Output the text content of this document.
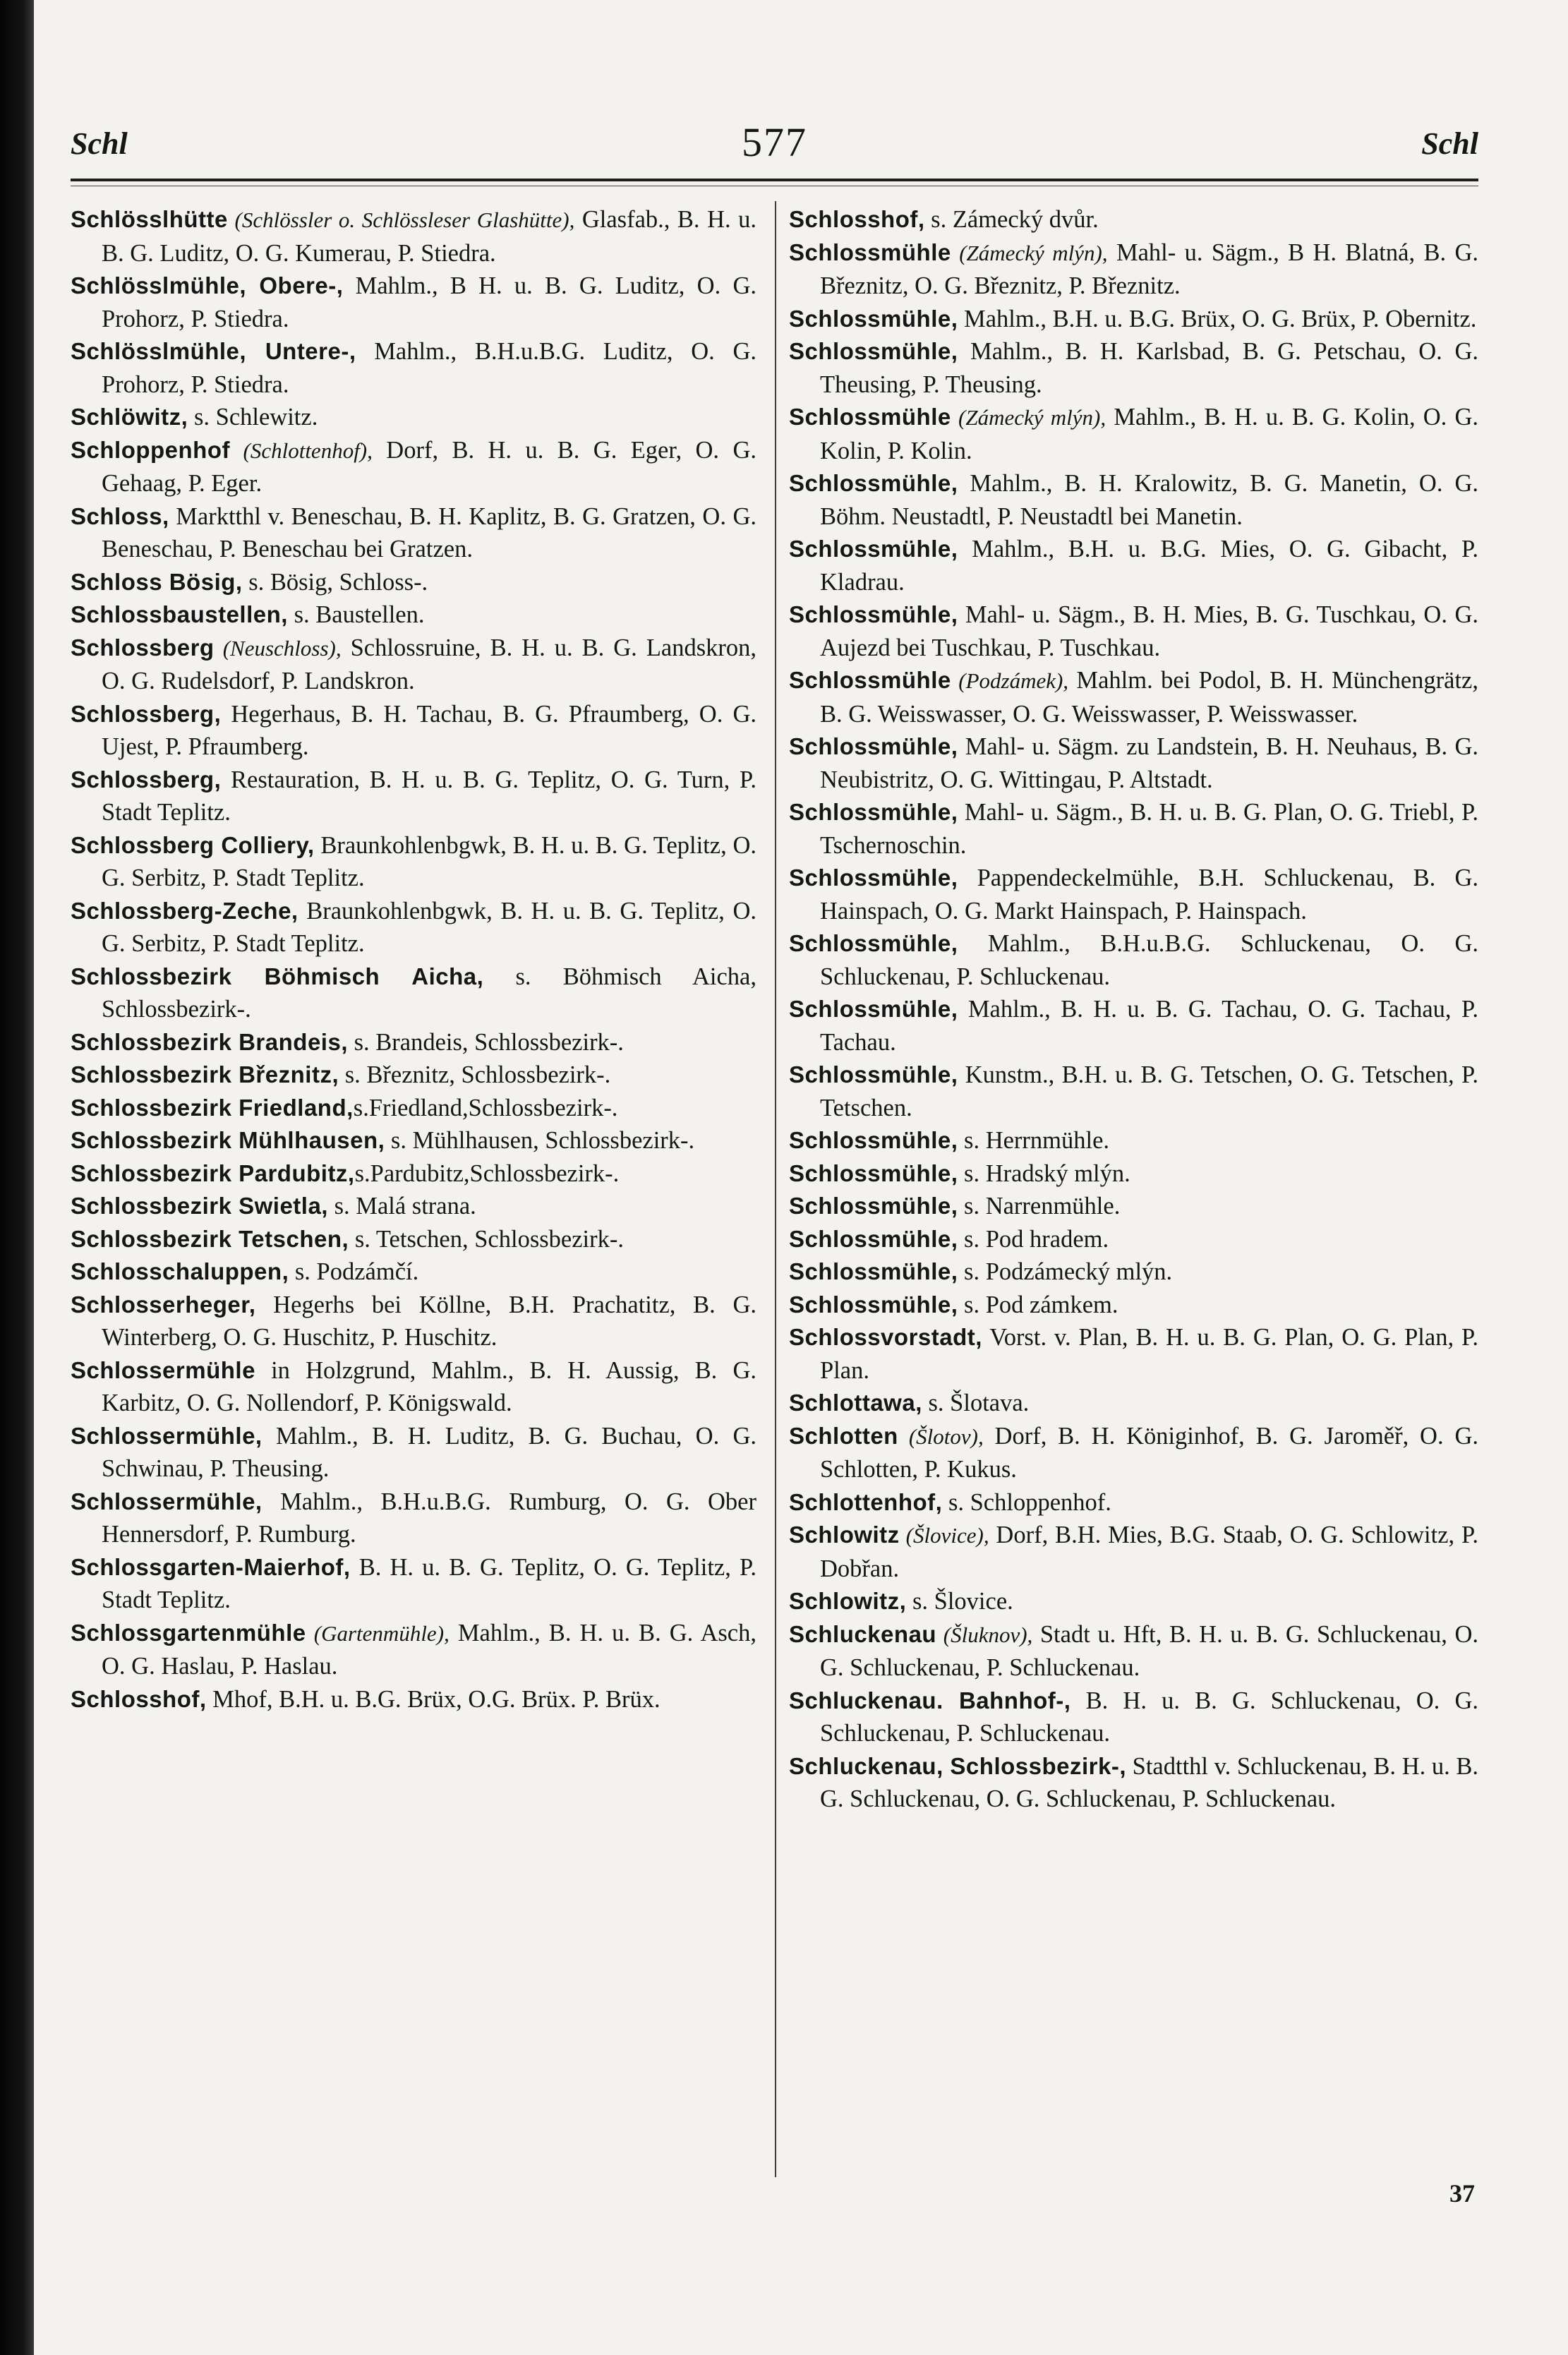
Schl	577	Schl
Schlösslhütte (Schlössler o. Schlössleser Glashütte), Glasfab., B. H. u. B. G. Luditz, O. G. Kumerau, P. Stiedra.
Schlösslmühle, Obere-, Mahlm., B H. u. B. G. Luditz, O. G. Prohorz, P. Stiedra.
Schlösslmühle, Untere-, Mahlm., B.H.u.B.G. Luditz, O. G. Prohorz, P. Stiedra.
Schlöwitz, s. Schlewitz.
Schloppenhof (Schlottenhof), Dorf, B. H. u. B. G. Eger, O. G. Gehaag, P. Eger.
Schloss, Marktthl v. Beneschau, B. H. Kaplitz, B. G. Gratzen, O. G. Beneschau, P. Beneschau bei Gratzen.
Schloss Bösig, s. Bösig, Schloss-.
Schlossbaustellen, s. Baustellen.
Schlossberg (Neuschloss), Schlossruine, B. H. u. B. G. Landskron, O. G. Rudelsdorf, P. Landskron.
Schlossberg, Hegerhaus, B. H. Tachau, B. G. Pfraumberg, O. G. Ujest, P. Pfraumberg.
Schlossberg, Restauration, B. H. u. B. G. Teplitz, O. G. Turn, P. Stadt Teplitz.
Schlossberg Colliery, Braunkohlenbgwk, B. H. u. B. G. Teplitz, O. G. Serbitz, P. Stadt Teplitz.
Schlossberg-Zeche, Braunkohlenbgwk, B. H. u. B. G. Teplitz, O. G. Serbitz, P. Stadt Teplitz.
Schlossbezirk Böhmisch Aicha, s. Böhmisch Aicha, Schlossbezirk-.
Schlossbezirk Brandeis, s. Brandeis, Schlossbezirk-.
Schlossbezirk Březnitz, s. Březnitz, Schlossbezirk-.
Schlossbezirk Friedland,s.Friedland,Schlossbezirk-.
Schlossbezirk Mühlhausen, s. Mühlhausen, Schlossbezirk-.
Schlossbezirk Pardubitz,s.Pardubitz,Schlossbezirk-.
Schlossbezirk Swietla, s. Malá strana.
Schlossbezirk Tetschen, s. Tetschen, Schlossbezirk-.
Schlosschaluppen, s. Podzámčí.
Schlosserheger, Hegerhs bei Köllne, B.H. Prachatitz, B. G. Winterberg, O. G. Huschitz, P. Huschitz.
Schlossermühle in Holzgrund, Mahlm., B. H. Aussig, B. G. Karbitz, O. G. Nollendorf, P. Königswald.
Schlossermühle, Mahlm., B. H. Luditz, B. G. Buchau, O. G. Schwinau, P. Theusing.
Schlossermühle, Mahlm., B.H.u.B.G. Rumburg, O. G. Ober Hennersdorf, P. Rumburg.
Schlossgarten-Maierhof, B. H. u. B. G. Teplitz, O. G. Teplitz, P. Stadt Teplitz.
Schlossgartenmühle (Gartenmühle), Mahlm., B. H. u. B. G. Asch, O. G. Haslau, P. Haslau.
Schlosshof, Mhof, B.H. u. B.G. Brüx, O.G. Brüx. P. Brüx.
Schlosshof, s. Zámecký dvůr.
Schlossmühle (Zámecký mlýn), Mahl- u. Sägm., B H. Blatná, B. G. Březnitz, O. G. Březnitz, P. Březnitz.
Schlossmühle, Mahlm., B.H. u. B.G. Brüx, O. G. Brüx, P. Obernitz.
Schlossmühle, Mahlm., B. H. Karlsbad, B. G. Petschau, O. G. Theusing, P. Theusing.
Schlossmühle (Zámecký mlýn), Mahlm., B. H. u. B. G. Kolin, O. G. Kolin, P. Kolin.
Schlossmühle, Mahlm., B. H. Kralowitz, B. G. Manetin, O. G. Böhm. Neustadtl, P. Neustadtl bei Manetin.
Schlossmühle, Mahlm., B.H. u. B.G. Mies, O. G. Gibacht, P. Kladrau.
Schlossmühle, Mahl- u. Sägm., B. H. Mies, B. G. Tuschkau, O. G. Aujezd bei Tuschkau, P. Tuschkau.
Schlossmühle (Podzámek), Mahlm. bei Podol, B. H. Münchengrätz, B. G. Weisswasser, O. G. Weisswasser, P. Weisswasser.
Schlossmühle, Mahl- u. Sägm. zu Landstein, B. H. Neuhaus, B. G. Neubistritz, O. G. Wittingau, P. Altstadt.
Schlossmühle, Mahl- u. Sägm., B. H. u. B. G. Plan, O. G. Triebl, P. Tschernoschin.
Schlossmühle, Pappendeckelmühle, B.H. Schluckenau, B. G. Hainspach, O. G. Markt Hainspach, P. Hainspach.
Schlossmühle, Mahlm., B.H.u.B.G. Schluckenau, O. G. Schluckenau, P. Schluckenau.
Schlossmühle, Mahlm., B. H. u. B. G. Tachau, O. G. Tachau, P. Tachau.
Schlossmühle, Kunstm., B.H. u. B. G. Tetschen, O. G. Tetschen, P. Tetschen.
Schlossmühle, s. Herrnmühle.
Schlossmühle, s. Hradský mlýn.
Schlossmühle, s. Narrenmühle.
Schlossmühle, s. Pod hradem.
Schlossmühle, s. Podzámecký mlýn.
Schlossmühle, s. Pod zámkem.
Schlossvorstadt, Vorst. v. Plan, B. H. u. B. G. Plan, O. G. Plan, P. Plan.
Schlottawa, s. Šlotava.
Schlotten (Šlotov), Dorf, B. H. Königinhof, B. G. Jaroměř, O. G. Schlotten, P. Kukus.
Schlottenhof, s. Schloppenhof.
Schlowitz (Šlovice), Dorf, B.H. Mies, B.G. Staab, O. G. Schlowitz, P. Dobřan.
Schlowitz, s. Šlovice.
Schluckenau (Šluknov), Stadt u. Hft, B. H. u. B. G. Schluckenau, O. G. Schluckenau, P. Schluckenau.
Schluckenau. Bahnhof-, B. H. u. B. G. Schluckenau, O. G. Schluckenau, P. Schluckenau.
Schluckenau, Schlossbezirk-, Stadtthl v. Schluckenau, B. H. u. B. G. Schluckenau, O. G. Schluckenau, P. Schluckenau.
37
